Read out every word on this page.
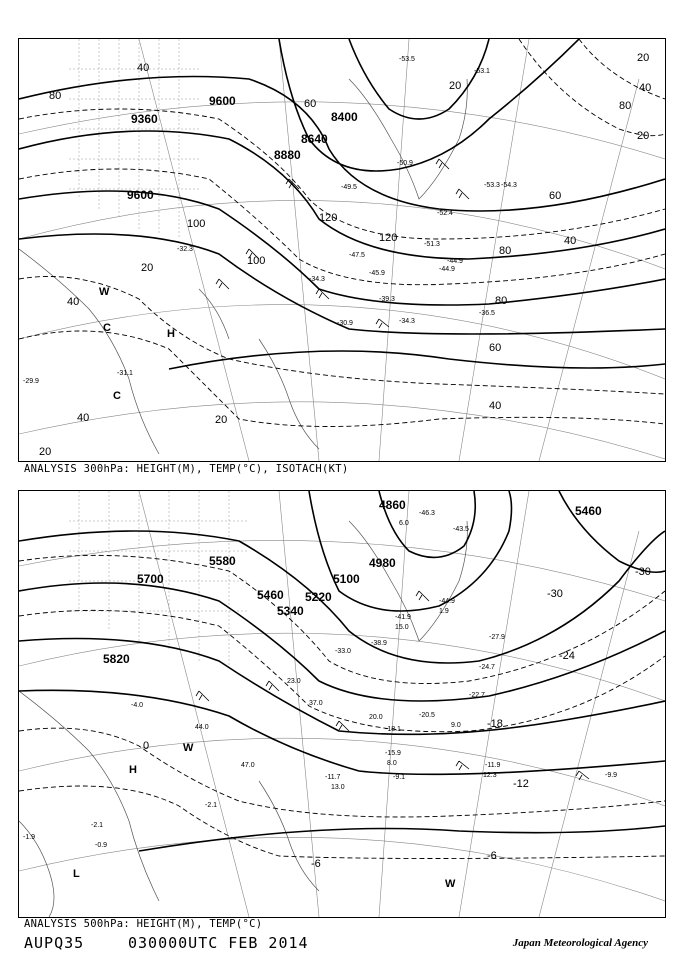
9360
9600
9600
8400
8640
8880
40
80
20
40
60
100	120
120
100
80
80
60
40
20
40
20
20
20
20
40
40
60
80
-53.5
-53.1
-50.9
-49.5
-51.3
-47.5
-45.9
-44.9
-39.3
-36.5
-34.3
-30.9
-31.1
-29.9
-32.3
-34.3
-52.4
-53.3 -54.3
-44.9
W
C	H
C
ANALYSIS 300hPa: HEIGHT(M), TEMP(°C), ISOTACH(KT)
4860
4980
5100
5220
5340
5460
5580
5700
5820
5460
-30
-30
-24
-18
-12
-6
0
-6
-46.3
-43.5
-44.9
-41.9
-38.9
-33.0
-27.9
-24.7
-22.7
-20.5
-18.1
-15.9
-11.9
-9.9
-11.7	-9.1
-2.1
-2.1
-1.9
-0.9
-4.0
6.0
1.9
15.0
23.0
37.0
44.0
47.0
20.0
13.0
12.3
9.0
8.0
H
W
L
W
ANALYSIS 500hPa: HEIGHT(M), TEMP(°C)
AUPQ35	030000UTC FEB 2014	Japan Meteorological Agency
